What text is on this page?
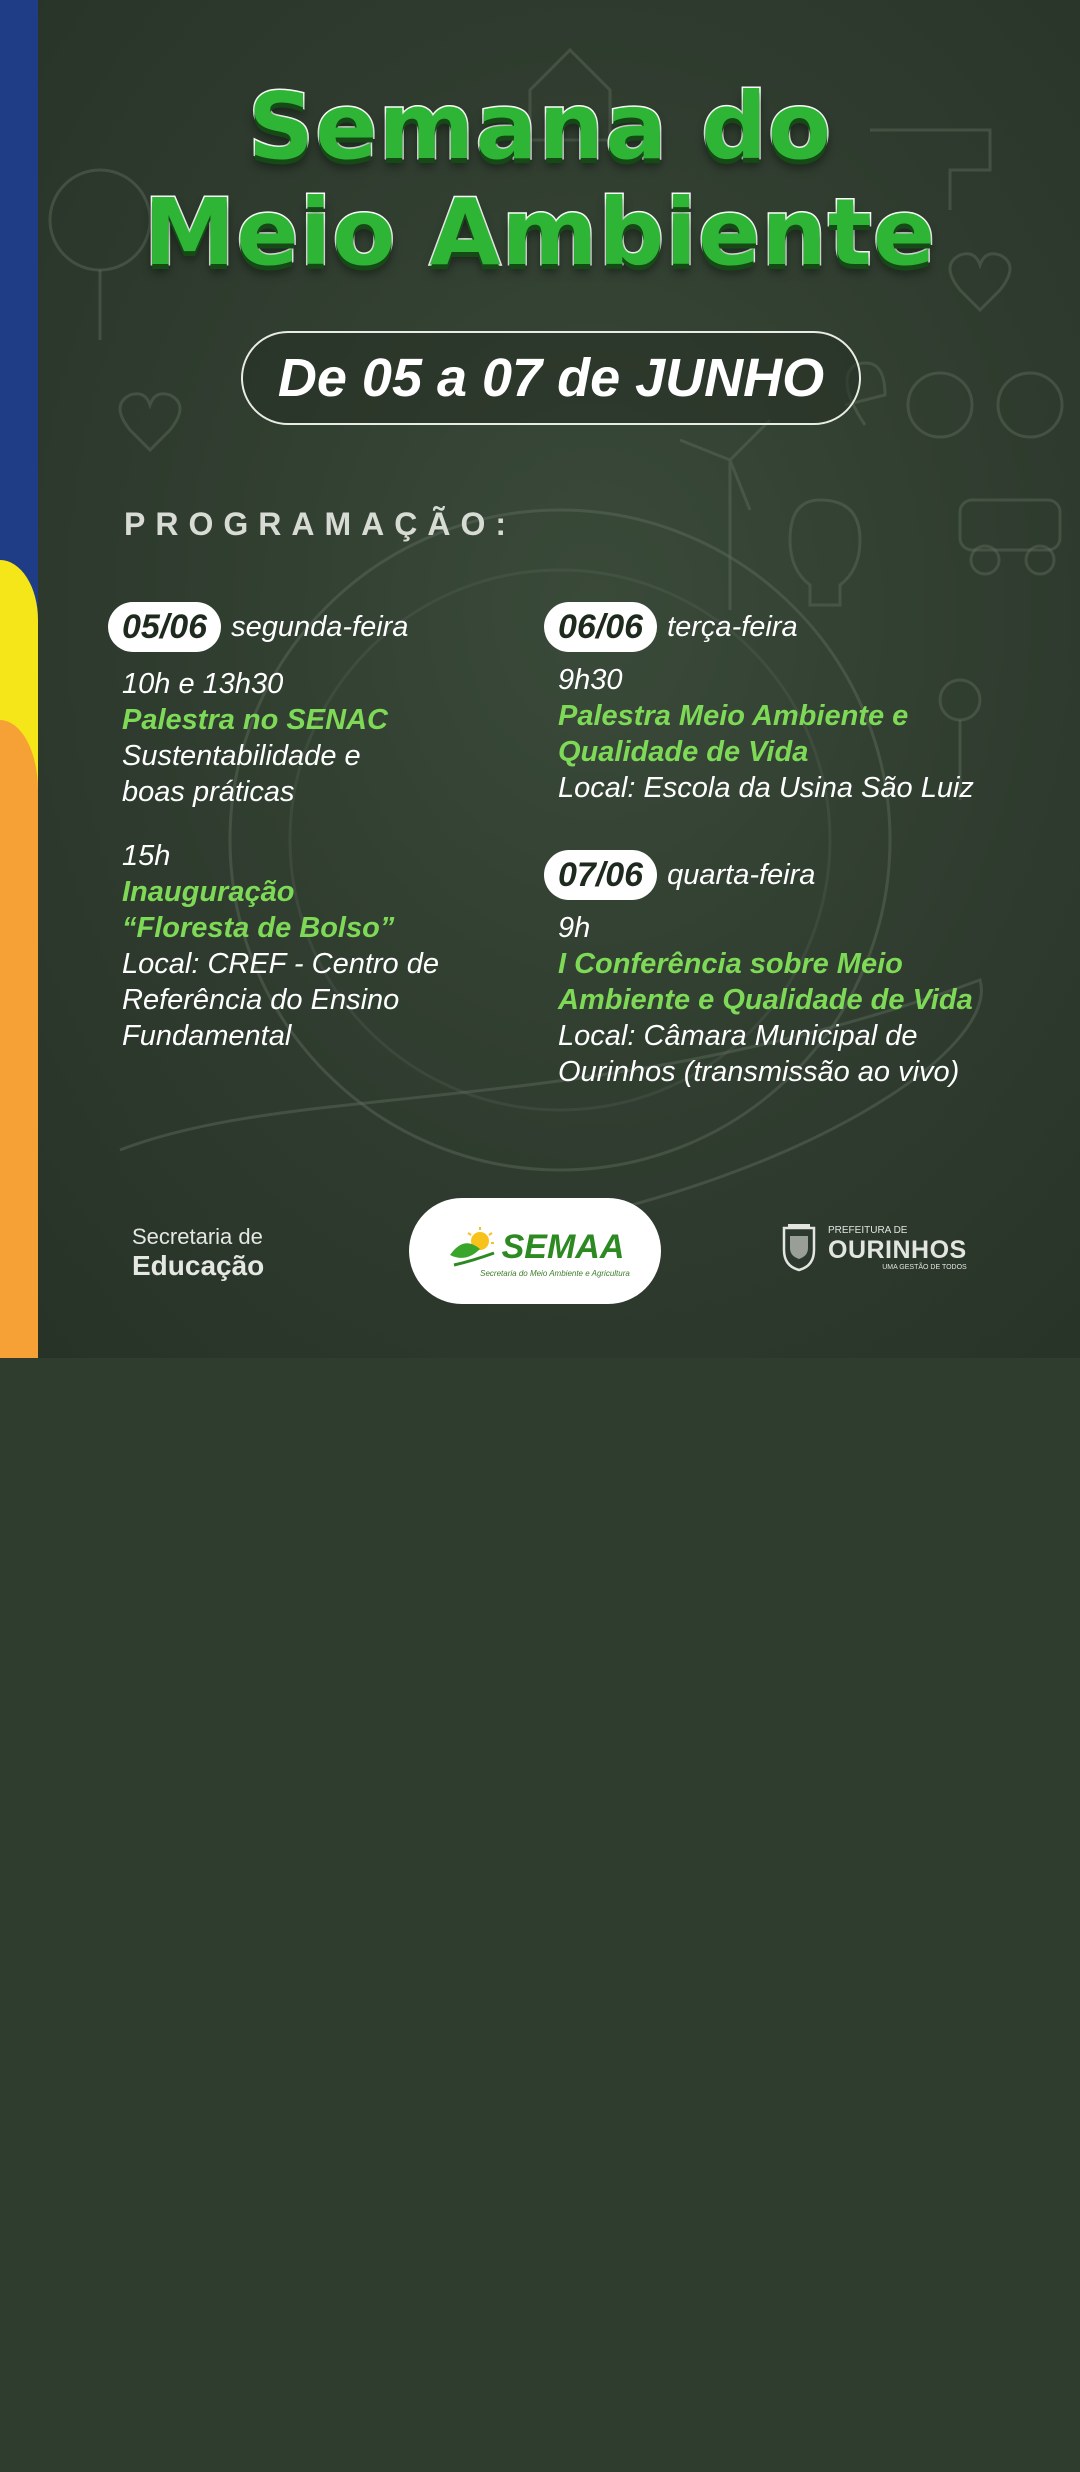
Semana do
Meio Ambiente
De 05 a 07 de JUNHO
PROGRAMAÇÃO:
05/06 segunda-feira
10h e 13h30
Palestra no SENAC
Sustentabilidade e boas práticas
15h
Inauguração “Floresta de Bolso”
Local: CREF - Centro de Referência do Ensino Fundamental
06/06 terça-feira
9h30
Palestra Meio Ambiente e Qualidade de Vida
Local: Escola da Usina São Luiz
07/06 quarta-feira
9h
I Conferência sobre Meio Ambiente e Qualidade de Vida
Local: Câmara Municipal de Ourinhos (transmissão ao vivo)
Secretaria de
Educação	SEMAA
Secretaria do Meio Ambiente e Agricultura
PREFEITURA DE
OURINHOS
UMA GESTÃO DE TODOS
